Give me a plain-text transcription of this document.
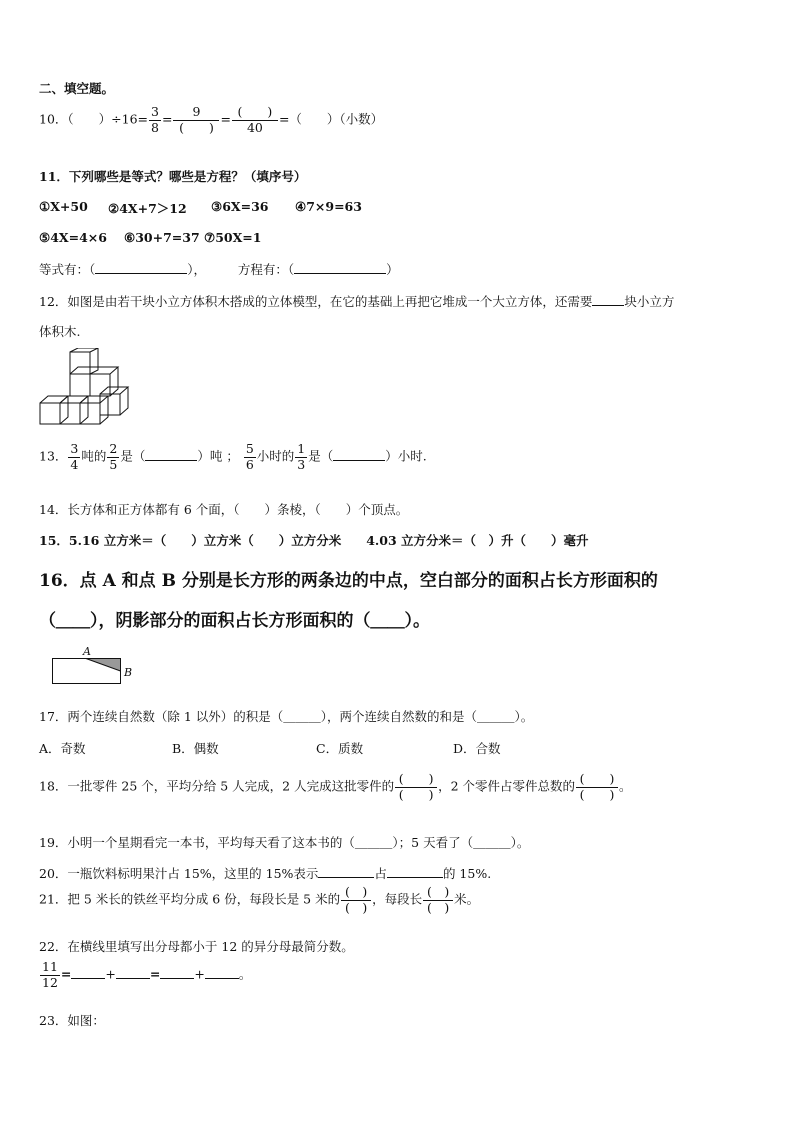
二、填空题。
10．（　　）$\div 16= \frac{3}{8} = \frac{9}{( )} = \frac{( )}{40}$ =（　　）（小数）
11．下列哪些是等式？哪些是方程？（填序号）
①X+50 ②4X+7＞12 ③6X=36 ④7×9=63
⑤4X=4×6 ⑥30+7=37 ⑦50X=1
等式有：（	），        方程有：（	）
12．如图是由若干块小立方体积木搭成的立体模型，在它的基础上再把它堆成一个大立方体，还需要	块小立方
体积木.
13． $\frac{3}{4}$ 吨的 $\frac{2}{5}$ 是（	）吨 ； $\frac{5}{6}$ 小时的 $\frac{1}{3}$ 是（	）小时.
14．长方体和正方体都有 6 个面，（　　）条棱，（　　）个顶点。
15．5.16 立方米＝（　　）立方米（　　）立方分米　　4.03 立方分米＝（　）升（　　）毫升
16．点 A 和点 B 分别是长方形的两条边的中点，空白部分的面积占长方形面积的
（＿＿），阴影部分的面积占长方形面积的（＿＿）。
A
B
17．两个连续自然数（除 1 以外）的积是（＿＿＿），两个连续自然数的和是（＿＿＿）。
A．奇数	B．偶数	C．质数	D．合数
18．一批零件 25 个，平均分给 5 人完成，2 人完成这批零件的 $\frac{( )}{( )}$ ，2 个零件占零件总数的 $\frac{( )}{( )}$ 。
19．小明一个星期看完一本书，平均每天看了这本书的（＿＿＿）；5 天看了（＿＿＿）。
20．一瓶饮料标明果汁占 15%，这里的 15%表示	占	的 15%.
21．把 5 米长的铁丝平均分成 6 份，每段长是 5 米的 $\frac{( )}{( )}$ ，每段长 $\frac{( )}{( )}$ 米。
22．在横线里填写出分母都小于 12 的异分母最简分数。
$\frac{11}{12}$ =	+	=	+	。
23．如图：
